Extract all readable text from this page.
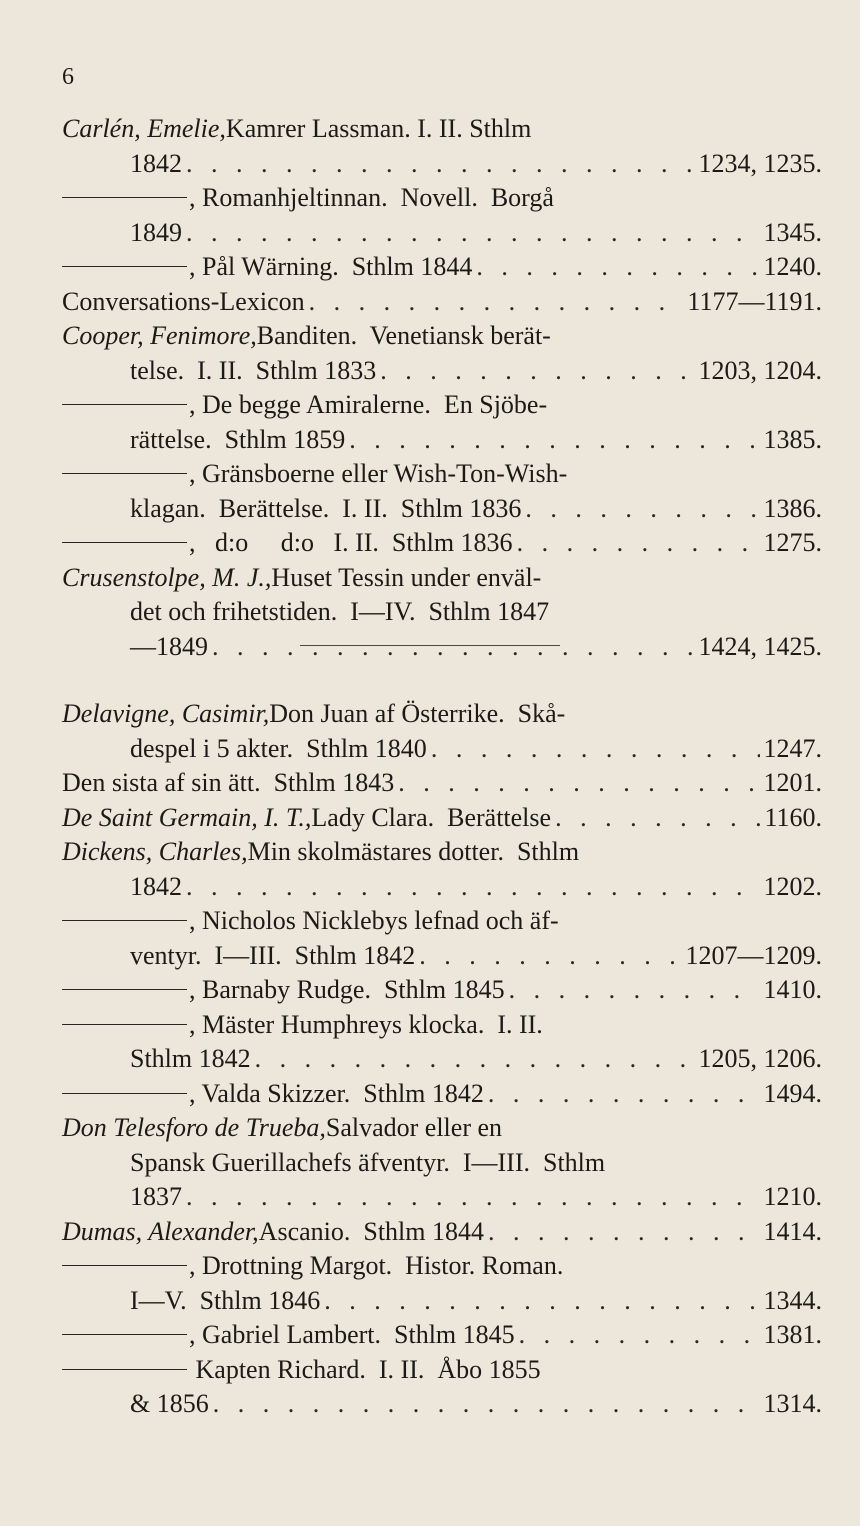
6
Carlén, Emelie, Kamrer Lassman. I. II. Sthlm
1842 . . .	1234, 1235.
, Romanhjeltinnan.  Novell.  Borgå
1849 . . .	1345.
, Pål Wärning.  Sthlm 1844 . . .	1240.
Conversations-Lexicon . . .	1177—1191.
Cooper, Fenimore, Banditen.  Venetiansk berät-
telse.  I. II.  Sthlm 1833 . . .	1203, 1204.
, De begge Amiralerne.  En Sjöbe-
rättelse.  Sthlm 1859 . . .	1385.
, Gränsboerne eller Wish-Ton-Wish-
klagan.  Berättelse.  I. II.  Sthlm 1836 . . .	1386.
,   d:o     d:o   I. II.  Sthlm 1836 . . .	1275.
Crusenstolpe, M. J., Huset Tessin under enväl-
det och frihetstiden.  I—IV.  Sthlm 1847
—1849 . . .	1424, 1425.
Delavigne, Casimir, Don Juan af Österrike.  Skå-
despel i 5 akter.  Sthlm 1840 . . .	1247.
Den sista af sin ätt.  Sthlm 1843 . . .	1201.
De Saint Germain, I. T., Lady Clara.  Berättelse . . .	1160.
Dickens, Charles, Min skolmästares dotter.  Sthlm
1842 . . .	1202.
, Nicholos Nicklebys lefnad och äf-
ventyr.  I—III.  Sthlm 1842 . . .	1207—1209.
, Barnaby Rudge.  Sthlm 1845 . . .	1410.
, Mäster Humphreys klocka.  I. II.
Sthlm 1842 . . .	1205, 1206.
, Valda Skizzer.  Sthlm 1842 . . .	1494.
Don Telesforo de Trueba, Salvador eller en
Spansk Guerillachefs äfventyr.  I—III.  Sthlm
1837 . . .	1210.
Dumas, Alexander, Ascanio.  Sthlm 1844 . . .	1414.
, Drottning Margot.  Histor. Roman.
I—V.  Sthlm 1846 . . .	1344.
, Gabriel Lambert.  Sthlm 1845 . . .	1381.
Kapten Richard.  I. II.  Åbo 1855
& 1856 . . .	1314.
